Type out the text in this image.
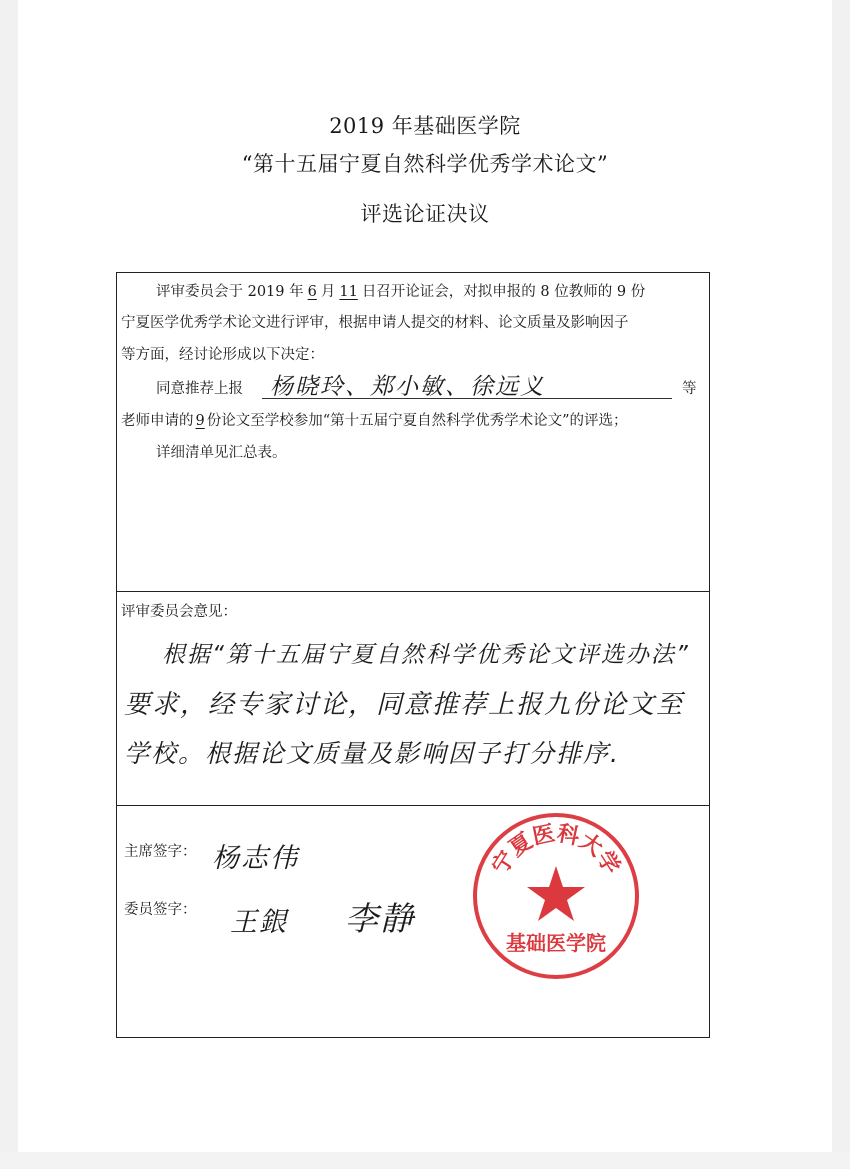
2019 年基础医学院
“第十五届宁夏自然科学优秀学术论文”
评选论证决议
评审委员会于 2019 年 6 月 11 日召开论证会，对拟申报的 8 位教师的 9 份
宁夏医学优秀学术论文进行评审，根据申请人提交的材料、论文质量及影响因子
等方面，经讨论形成以下决定：
同意推荐上报 杨晓玲、郑小敏、徐远义	等
老师申请的 9 份论文至学校参加“第十五届宁夏自然科学优秀学术论文”的评选；
详细清单见汇总表。
评审委员会意见：
根据“第十五届宁夏自然科学优秀论文评选办法”
要求，经专家讨论，同意推荐上报九份论文至
学校。根据论文质量及影响因子打分排序.
主席签字： 杨志伟
委员签字： 王銀 李静
宁夏医科大学
基础医学院
